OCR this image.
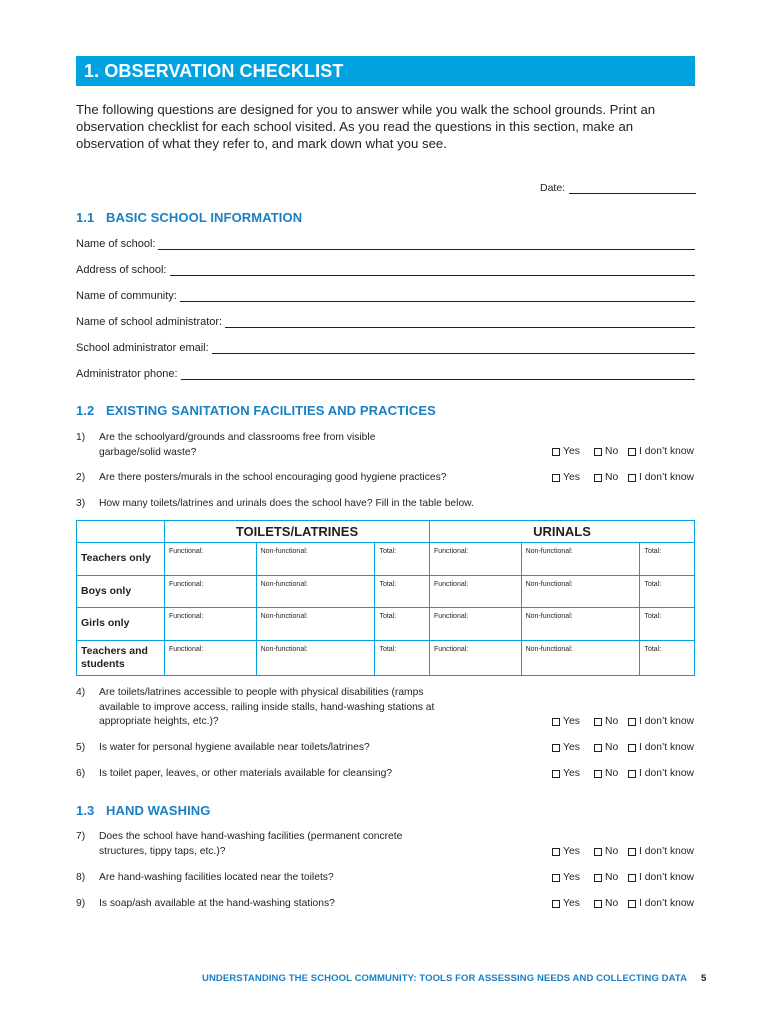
1. OBSERVATION CHECKLIST

The following questions are designed for you to answer while you walk the school grounds. Print an observation checklist for each school visited. As you read the questions in this section, make an observation of what they refer to, and mark down what you see.

Date:
1.1 BASIC SCHOOL INFORMATION
Name of school:
Address of school:
Name of community:
Name of school administrator:
School administrator email:
Administrator phone:
1.2 EXISTING SANITATION FACILITIES AND PRACTICES
1) Are the schoolyard/grounds and classrooms free from visible garbage/solid waste?	Yes No I don’t know
2) Are there posters/murals in the school encouraging good hygiene practices?	Yes No I don’t know
3) How many toilets/latrines and urinals does the school have? Fill in the table below.
	TOILETS/LATRINES			URINALS		
Teachers only	Functional:	Non-functional:	Total:	Functional:	Non-functional:	Total:
Boys only	Functional:	Non-functional:	Total:	Functional:	Non-functional:	Total:
Girls only	Functional:	Non-functional:	Total:	Functional:	Non-functional:	Total:
Teachers and students	Functional:	Non-functional:	Total:	Functional:	Non-functional:	Total:
4) Are toilets/latrines accessible to people with physical disabilities (ramps available to improve access, railing inside stalls, hand-washing stations at appropriate heights, etc.)?	Yes No I don’t know
5) Is water for personal hygiene available near toilets/latrines?	Yes No I don’t know
6) Is toilet paper, leaves, or other materials available for cleansing?	Yes No I don’t know
1.3 HAND WASHING
7) Does the school have hand-washing facilities (permanent concrete structures, tippy taps, etc.)?	Yes No I don’t know
8) Are hand-washing facilities located near the toilets?	Yes No I don’t know
9) Is soap/ash available at the hand-washing stations?	Yes No I don’t know
UNDERSTANDING THE SCHOOL COMMUNITY: TOOLS FOR ASSESSING NEEDS AND COLLECTING DATA 5
